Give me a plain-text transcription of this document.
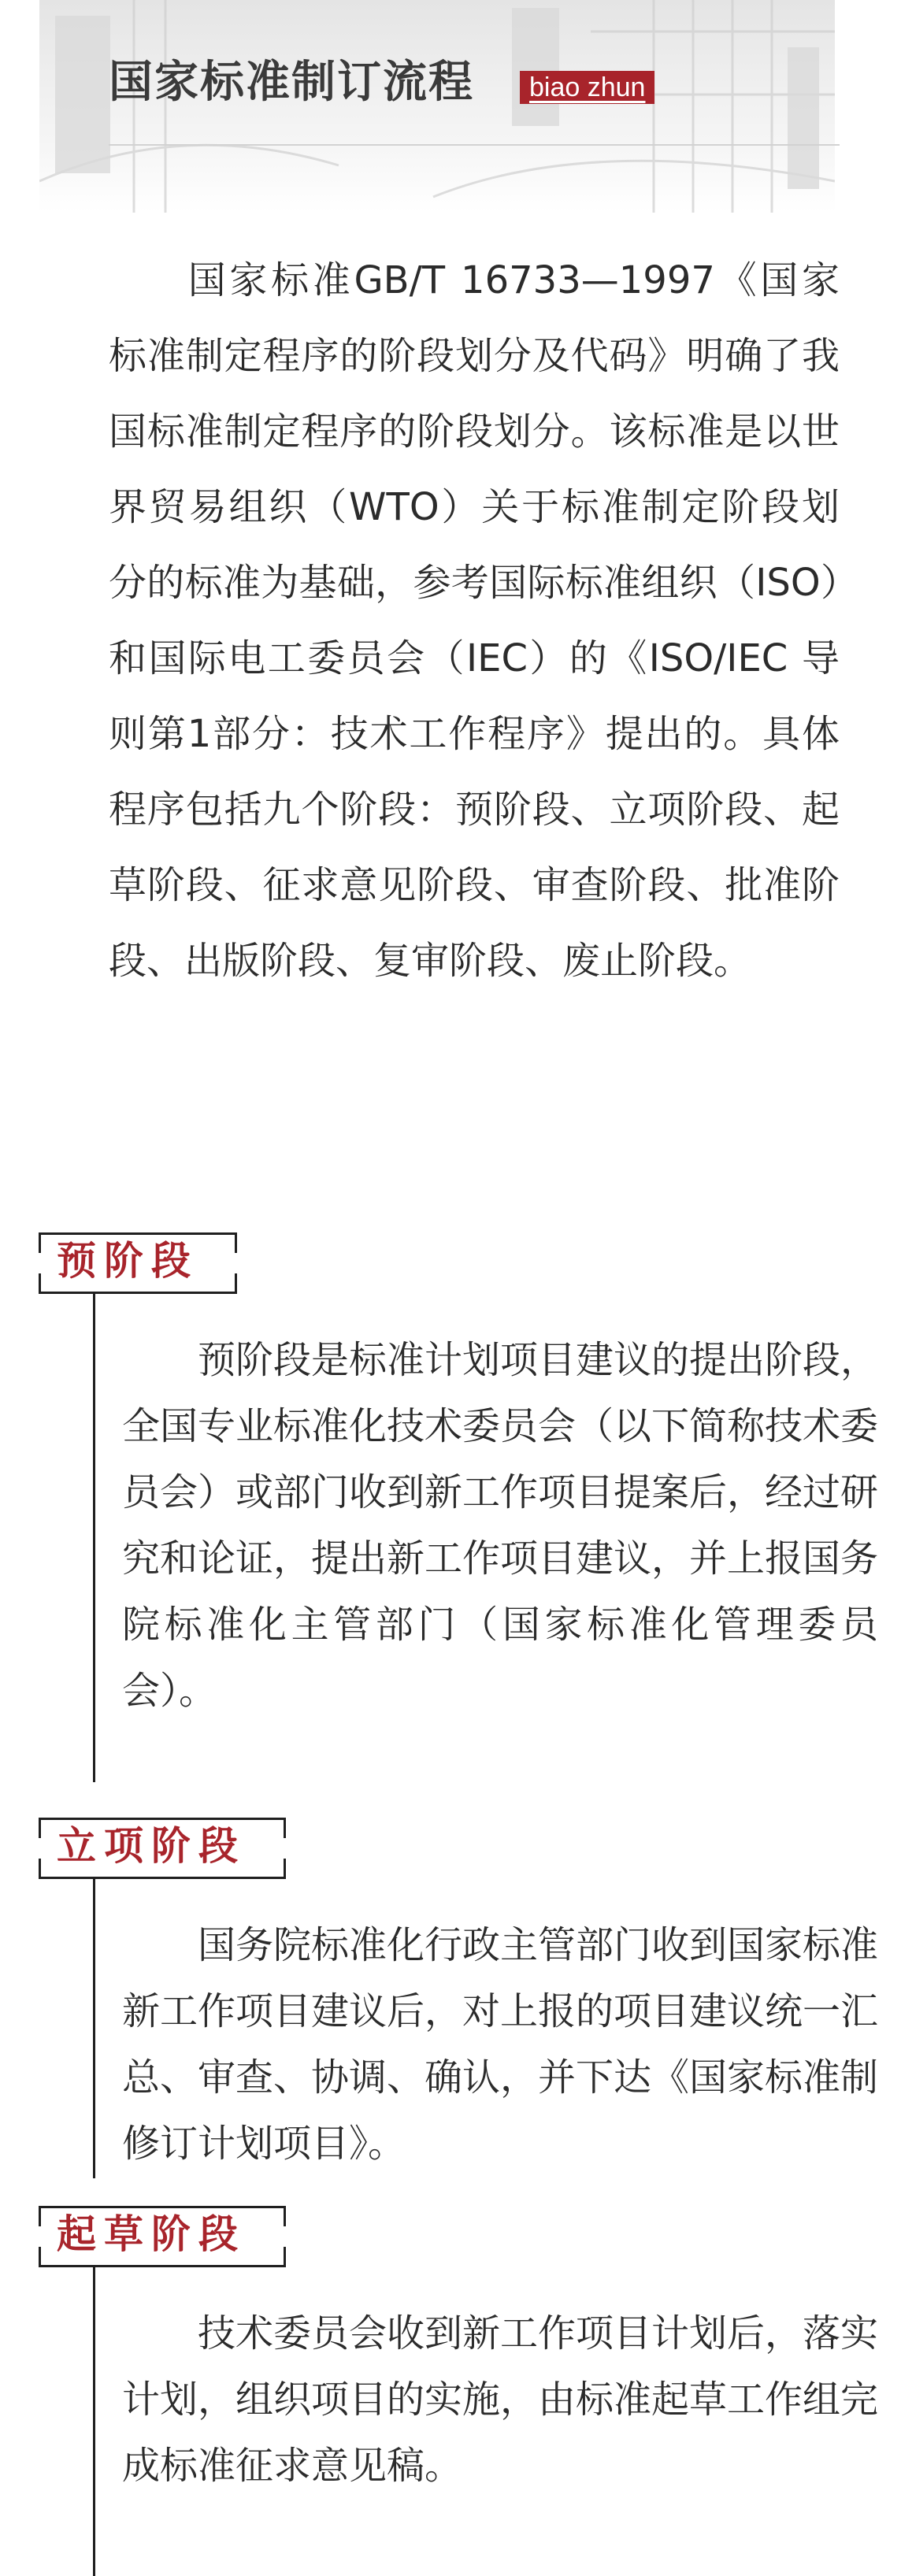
国家标准制订流程	biao zhun

国家标准GB/T 16733—1997《国家标准制定程序的阶段划分及代码》明确了我国标准制定程序的阶段划分。该标准是以世界贸易组织（WTO）关于标准制定阶段划分的标准为基础，参考国际标准组织（ISO）和国际电工委员会（IEC）的《ISO/IEC 导则第1部分：技术工作程序》提出的。具体程序包括九个阶段：预阶段、立项阶段、起草阶段、征求意见阶段、审查阶段、批准阶段、出版阶段、复审阶段、废止阶段。

预阶段

预阶段是标准计划项目建议的提出阶段，全国专业标准化技术委员会（以下简称技术委员会）或部门收到新工作项目提案后，经过研究和论证，提出新工作项目建议，并上报国务院标准化主管部门（国家标准化管理委员会）。

立项阶段

国务院标准化行政主管部门收到国家标准新工作项目建议后，对上报的项目建议统一汇总、审查、协调、确认，并下达《国家标准制修订计划项目》。

起草阶段

技术委员会收到新工作项目计划后，落实计划，组织项目的实施，由标准起草工作组完成标准征求意见稿。
